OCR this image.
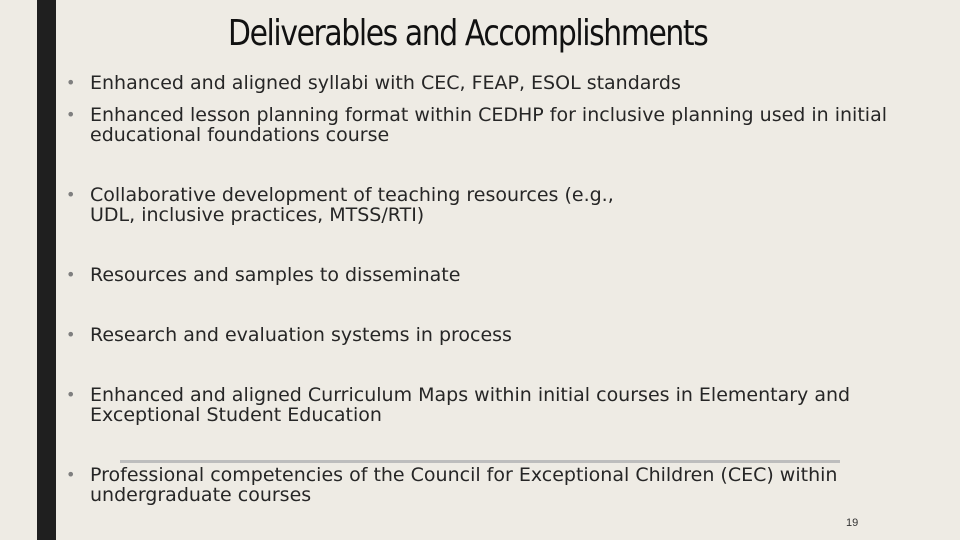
Deliverables and Accomplishments
• Enhanced and aligned syllabi with CEC, FEAP, ESOL standards
• Enhanced lesson planning format within CEDHP for inclusive planning used in initial educational foundations course
• Collaborative development of teaching resources (e.g., UDL, inclusive practices, MTSS/RTI)
• Resources and samples to disseminate
• Research and evaluation systems in process
• Enhanced and aligned Curriculum Maps within initial courses in Elementary and Exceptional Student Education
• Professional competencies of the Council for Exceptional Children (CEC) within undergraduate courses
19
